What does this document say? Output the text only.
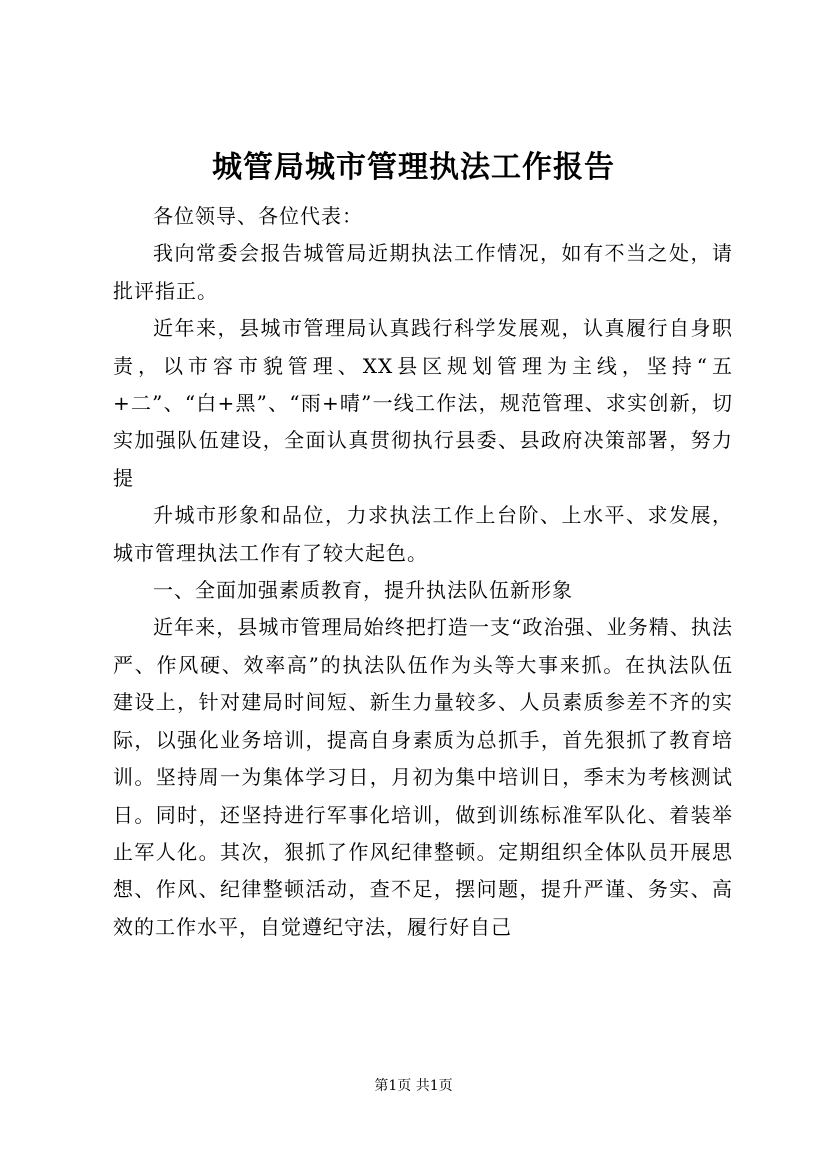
城管局城市管理执法工作报告

各位领导、各位代表：

我向常委会报告城管局近期执法工作情况，如有不当之处，请批评指正。

近年来，县城市管理局认真践行科学发展观，认真履行自身职责，以市容市貌管理、XX县区规划管理为主线，坚持“五+二”、“白+黑”、“雨+晴”一线工作法，规范管理、求实创新，切实加强队伍建设，全面认真贯彻执行县委、县政府决策部署，努力提

升城市形象和品位，力求执法工作上台阶、上水平、求发展，城市管理执法工作有了较大起色。

一、全面加强素质教育，提升执法队伍新形象

近年来，县城市管理局始终把打造一支“政治强、业务精、执法严、作风硬、效率高”的执法队伍作为头等大事来抓。在执法队伍建设上，针对建局时间短、新生力量较多、人员素质参差不齐的实际，以强化业务培训，提高自身素质为总抓手，首先狠抓了教育培训。坚持周一为集体学习日，月初为集中培训日，季末为考核测试日。同时，还坚持进行军事化培训，做到训练标准军队化、着装举止军人化。其次，狠抓了作风纪律整顿。定期组织全体队员开展思想、作风、纪律整顿活动，查不足，摆问题，提升严谨、务实、高效的工作水平，自觉遵纪守法，履行好自己

第1页 共1页
